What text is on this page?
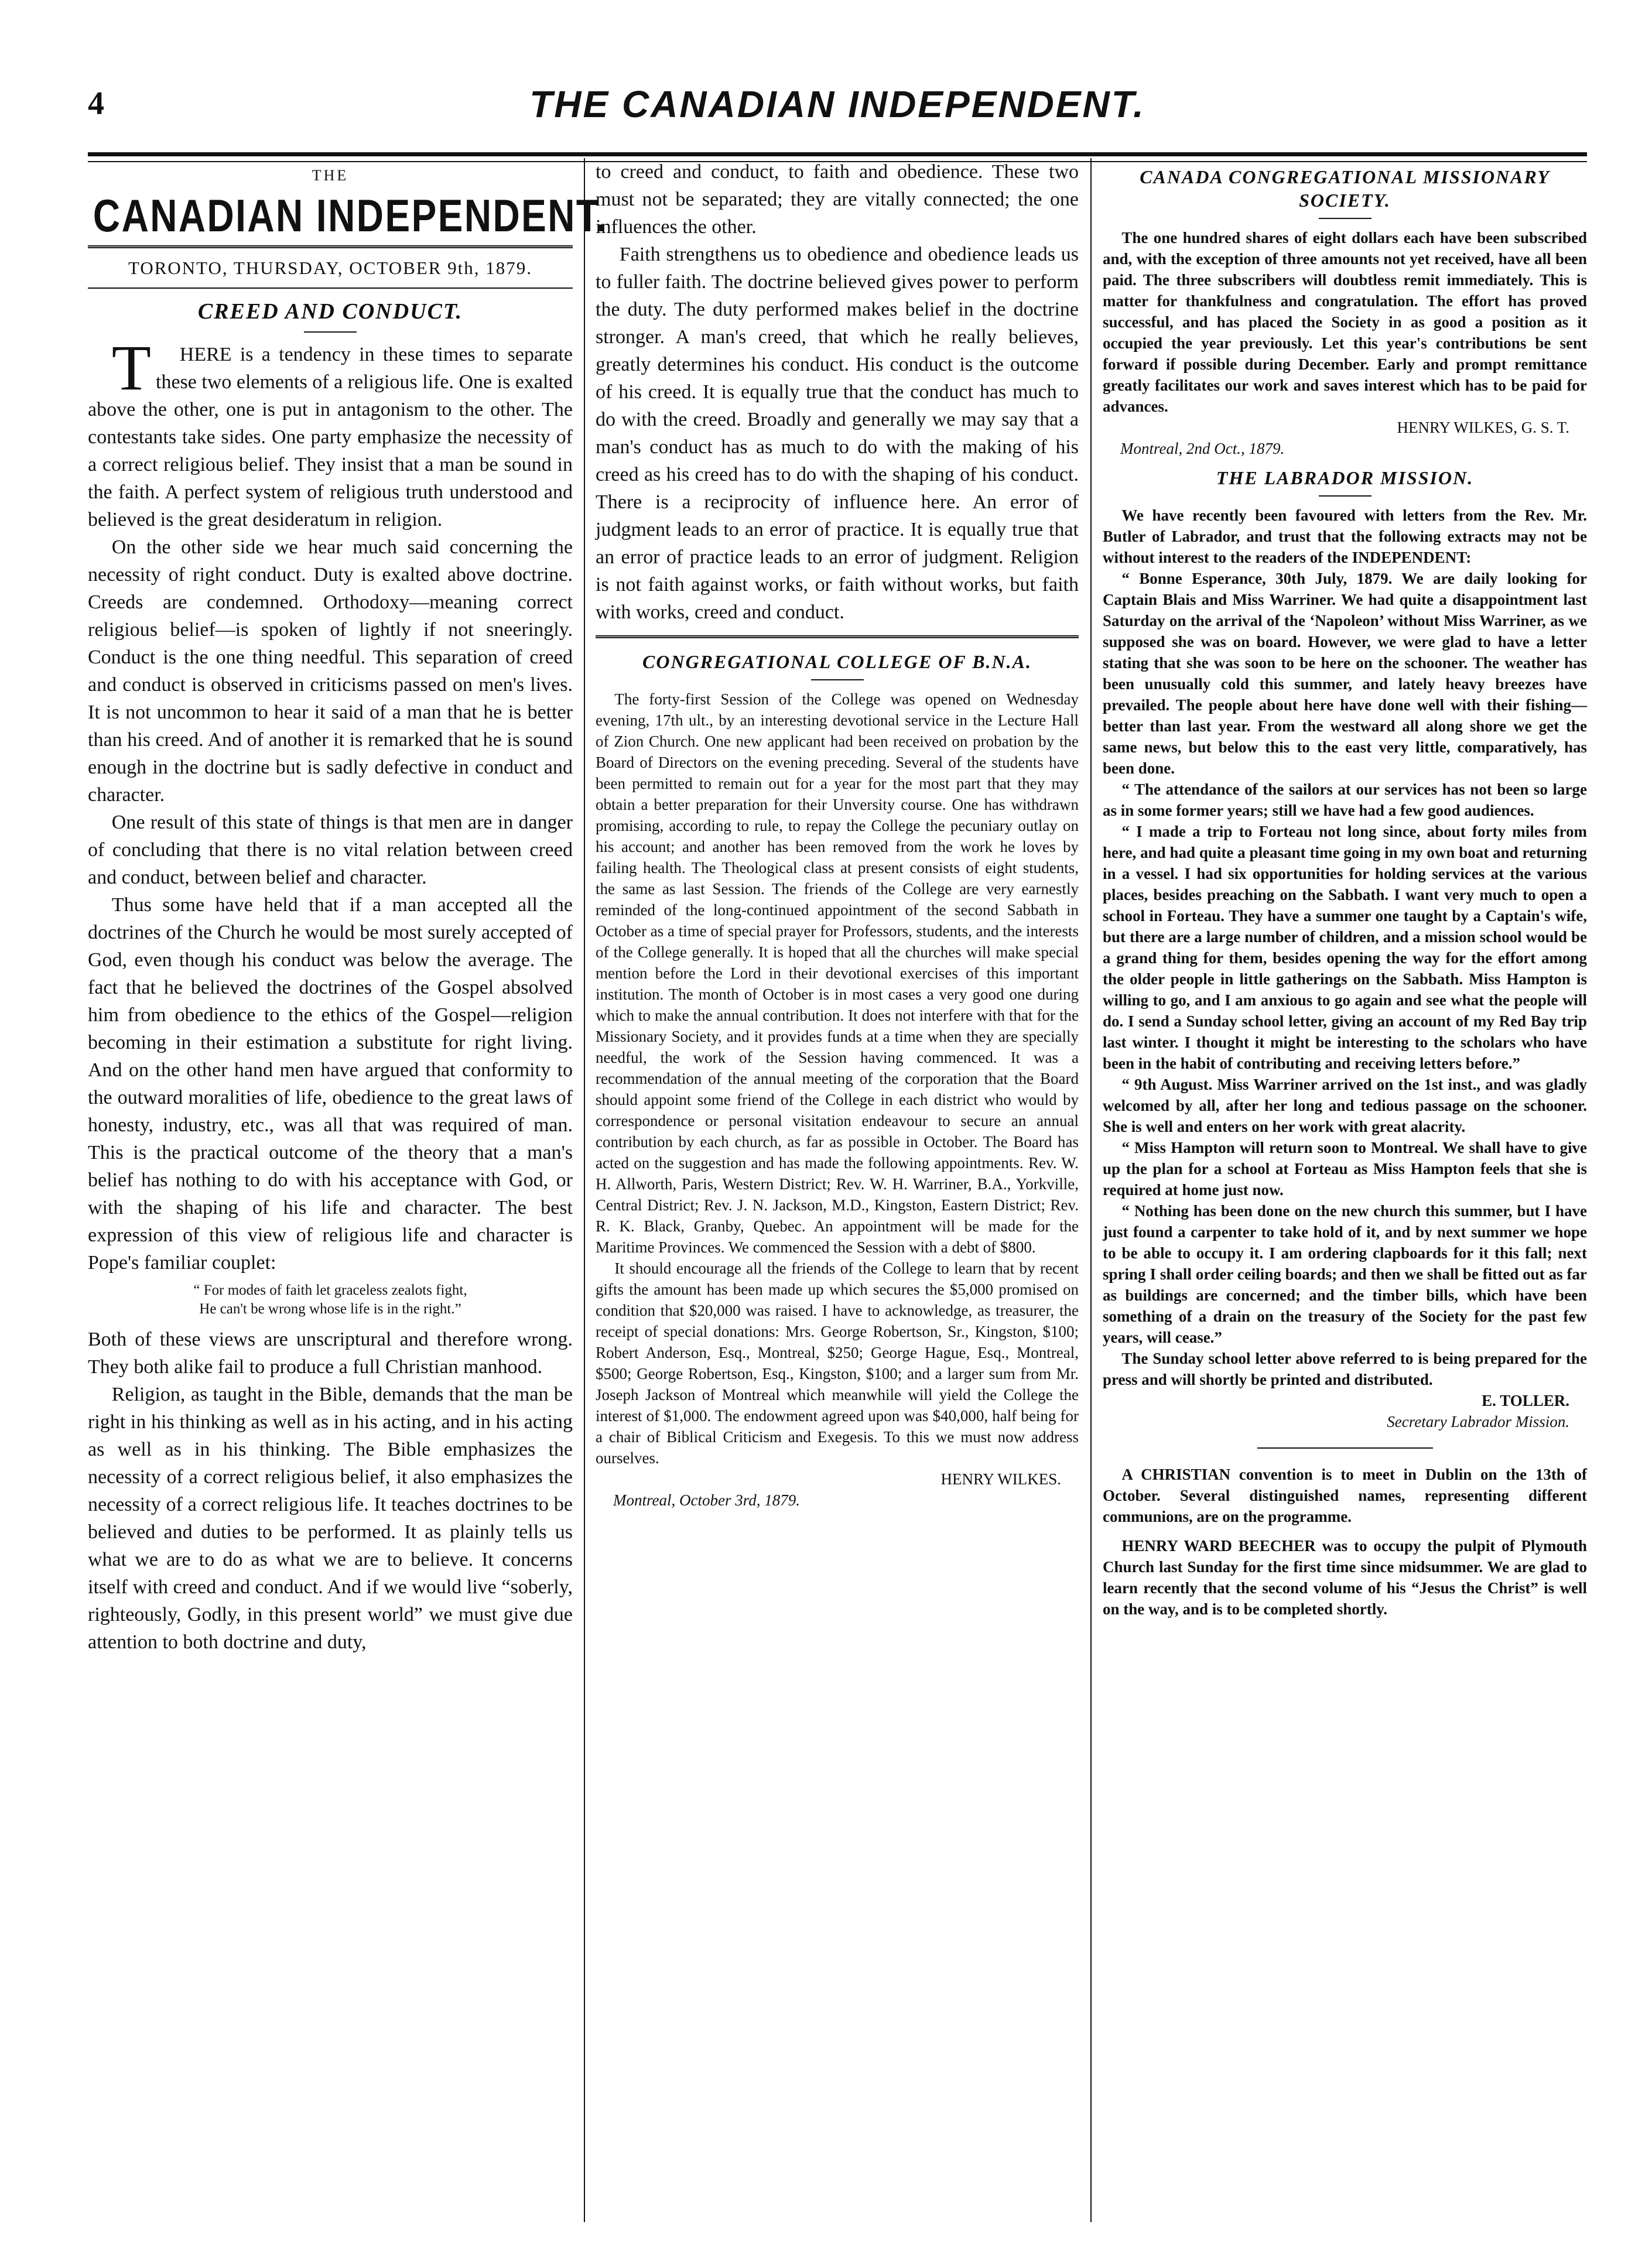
4	THE CANADIAN INDEPENDENT.
THE
CANADIAN INDEPENDENT.
TORONTO, THURSDAY, OCTOBER 9th, 1879.
CREED AND CONDUCT.

THERE is a tendency in these times to separate these two elements of a religious life. One is exalted above the other, one is put in antagonism to the other. The contestants take sides. One party emphasize the necessity of a correct religious belief. They insist that a man be sound in the faith. A perfect system of religious truth understood and believed is the great desideratum in religion.

On the other side we hear much said concerning the necessity of right conduct. Duty is exalted above doctrine. Creeds are condemned. Orthodoxy—meaning correct religious belief—is spoken of lightly if not sneeringly. Conduct is the one thing needful. This separation of creed and conduct is observed in criticisms passed on men's lives. It is not uncommon to hear it said of a man that he is better than his creed. And of another it is remarked that he is sound enough in the doctrine but is sadly defective in conduct and character.

One result of this state of things is that men are in danger of concluding that there is no vital relation between creed and conduct, between belief and character.

Thus some have held that if a man accepted all the doctrines of the Church he would be most surely accepted of God, even though his conduct was below the average. The fact that he believed the doctrines of the Gospel absolved him from obedience to the ethics of the Gospel—religion becoming in their estimation a substitute for right living. And on the other hand men have argued that conformity to the outward moralities of life, obedience to the great laws of honesty, industry, etc., was all that was required of man. This is the practical outcome of the theory that a man's belief has nothing to do with his acceptance with God, or with the shaping of his life and character. The best expression of this view of religious life and character is Pope's familiar couplet:

“ For modes of faith let graceless zealots fight,
He can't be wrong whose life is in the right.”

Both of these views are unscriptural and therefore wrong. They both alike fail to produce a full Christian manhood.

Religion, as taught in the Bible, demands that the man be right in his thinking as well as in his acting, and in his acting as well as in his thinking. The Bible emphasizes the necessity of a correct religious belief, it also emphasizes the necessity of a correct religious life. It teaches doctrines to be believed and duties to be performed. It as plainly tells us what we are to do as what we are to believe. It concerns itself with creed and conduct. And if we would live “soberly, righteously, Godly, in this present world” we must give due attention to both doctrine and duty,

to creed and conduct, to faith and obedience. These two must not be separated; they are vitally connected; the one influences the other.

Faith strengthens us to obedience and obedience leads us to fuller faith. The doctrine believed gives power to perform the duty. The duty performed makes belief in the doctrine stronger. A man's creed, that which he really believes, greatly determines his conduct. His conduct is the outcome of his creed. It is equally true that the conduct has much to do with the creed. Broadly and generally we may say that a man's conduct has as much to do with the making of his creed as his creed has to do with the shaping of his conduct. There is a reciprocity of influence here. An error of judgment leads to an error of practice. It is equally true that an error of practice leads to an error of judgment. Religion is not faith against works, or faith without works, but faith with works, creed and conduct.

CONGREGATIONAL COLLEGE OF B.N.A.

The forty-first Session of the College was opened on Wednesday evening, 17th ult., by an interesting devotional service in the Lecture Hall of Zion Church. One new applicant had been received on probation by the Board of Directors on the evening preceding. Several of the students have been permitted to remain out for a year for the most part that they may obtain a better preparation for their Unversity course. One has withdrawn promising, according to rule, to repay the College the pecuniary outlay on his account; and another has been removed from the work he loves by failing health. The Theological class at present consists of eight students, the same as last Session. The friends of the College are very earnestly reminded of the long-continued appointment of the second Sabbath in October as a time of special prayer for Professors, students, and the interests of the College generally. It is hoped that all the churches will make special mention before the Lord in their devotional exercises of this important institution. The month of October is in most cases a very good one during which to make the annual contribution. It does not interfere with that for the Missionary Society, and it provides funds at a time when they are specially needful, the work of the Session having commenced. It was a recommendation of the annual meeting of the corporation that the Board should appoint some friend of the College in each district who would by correspondence or personal visitation endeavour to secure an annual contribution by each church, as far as possible in October. The Board has acted on the suggestion and has made the following appointments. Rev. W. H. Allworth, Paris, Western District; Rev. W. H. Warriner, B.A., Yorkville, Central District; Rev. J. N. Jackson, M.D., Kingston, Eastern District; Rev. R. K. Black, Granby, Quebec. An appointment will be made for the Maritime Provinces. We commenced the Session with a debt of $800.

It should encourage all the friends of the College to learn that by recent gifts the amount has been made up which secures the $5,000 promised on condition that $20,000 was raised. I have to acknowledge, as treasurer, the receipt of special donations: Mrs. George Robertson, Sr., Kingston, $100; Robert Anderson, Esq., Montreal, $250; George Hague, Esq., Montreal, $500; George Robertson, Esq., Kingston, $100; and a larger sum from Mr. Joseph Jackson of Montreal which meanwhile will yield the College the interest of $1,000. The endowment agreed upon was $40,000, half being for a chair of Biblical Criticism and Exegesis. To this we must now address ourselves.

HENRY WILKES.
Montreal, October 3rd, 1879.
CANADA CONGREGATIONAL MISSIONARY SOCIETY.

The one hundred shares of eight dollars each have been subscribed and, with the exception of three amounts not yet received, have all been paid. The three subscribers will doubtless remit immediately. This is matter for thankfulness and congratulation. The effort has proved successful, and has placed the Society in as good a position as it occupied the year previously. Let this year's contributions be sent forward if possible during December. Early and prompt remittance greatly facilitates our work and saves interest which has to be paid for advances.

HENRY WILKES, G. S. T.
Montreal, 2nd Oct., 1879.
THE LABRADOR MISSION.

We have recently been favoured with letters from the Rev. Mr. Butler of Labrador, and trust that the following extracts may not be without interest to the readers of the INDEPENDENT:

“ Bonne Esperance, 30th July, 1879. We are daily looking for Captain Blais and Miss Warriner. We had quite a disappointment last Saturday on the arrival of the ‘Napoleon’ without Miss Warriner, as we supposed she was on board. However, we were glad to have a letter stating that she was soon to be here on the schooner. The weather has been unusually cold this summer, and lately heavy breezes have prevailed. The people about here have done well with their fishing—better than last year. From the westward all along shore we get the same news, but below this to the east very little, comparatively, has been done.

“ The attendance of the sailors at our services has not been so large as in some former years; still we have had a few good audiences.

“ I made a trip to Forteau not long since, about forty miles from here, and had quite a pleasant time going in my own boat and returning in a vessel. I had six opportunities for holding services at the various places, besides preaching on the Sabbath. I want very much to open a school in Forteau. They have a summer one taught by a Captain's wife, but there are a large number of children, and a mission school would be a grand thing for them, besides opening the way for the effort among the older people in little gatherings on the Sabbath. Miss Hampton is willing to go, and I am anxious to go again and see what the people will do. I send a Sunday school letter, giving an account of my Red Bay trip last winter. I thought it might be interesting to the scholars who have been in the habit of contributing and receiving letters before.”

“ 9th August. Miss Warriner arrived on the 1st inst., and was gladly welcomed by all, after her long and tedious passage on the schooner. She is well and enters on her work with great alacrity.

“ Miss Hampton will return soon to Montreal. We shall have to give up the plan for a school at Forteau as Miss Hampton feels that she is required at home just now.

“ Nothing has been done on the new church this summer, but I have just found a carpenter to take hold of it, and by next summer we hope to be able to occupy it. I am ordering clapboards for it this fall; next spring I shall order ceiling boards; and then we shall be fitted out as far as buildings are concerned; and the timber bills, which have been something of a drain on the treasury of the Society for the past few years, will cease.”

The Sunday school letter above referred to is being prepared for the press and will shortly be printed and distributed.

E. TOLLER.
Secretary Labrador Mission.

A CHRISTIAN convention is to meet in Dublin on the 13th of October. Several distinguished names, representing different communions, are on the programme.

HENRY WARD BEECHER was to occupy the pulpit of Plymouth Church last Sunday for the first time since midsummer. We are glad to learn recently that the second volume of his “Jesus the Christ” is well on the way, and is to be completed shortly.
